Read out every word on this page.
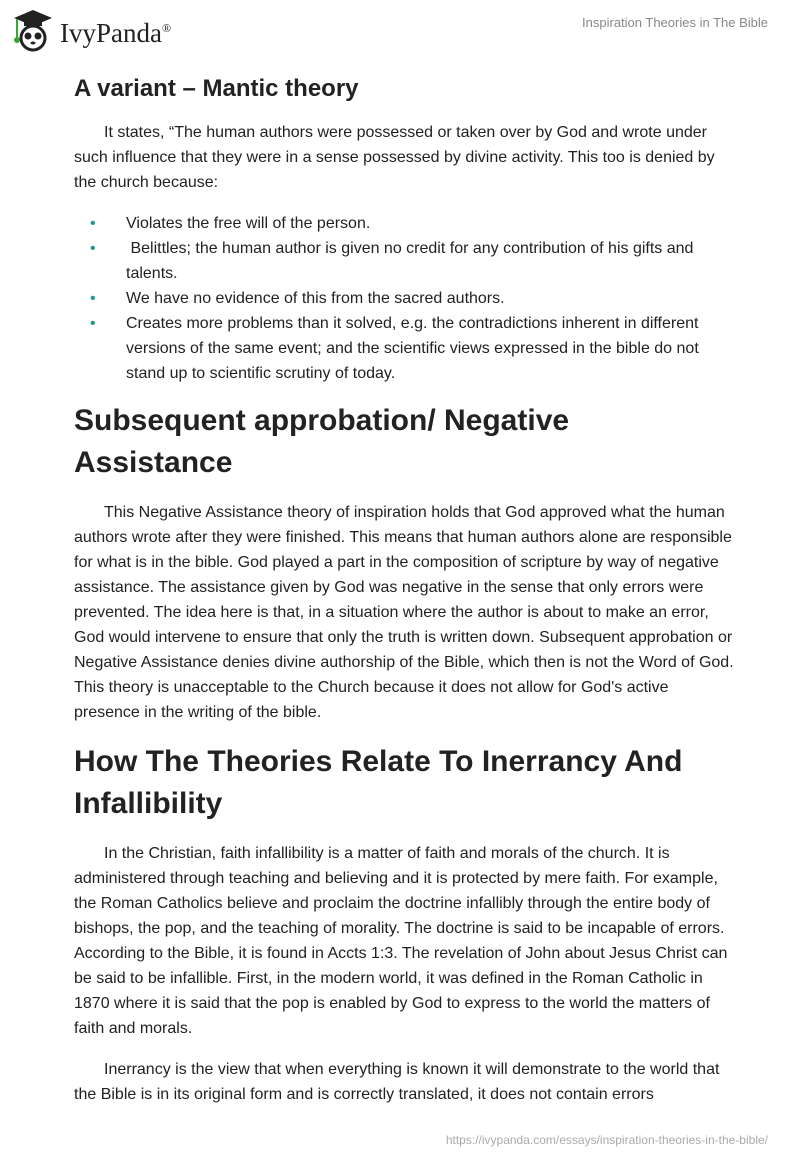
IvyPanda®	Inspiration Theories in The Bible
A variant – Mantic theory

It states, “The human authors were possessed or taken over by God and wrote under such influence that they were in a sense possessed by divine activity. This too is denied by the church because:

• Violates the free will of the person.
• Belittles; the human author is given no credit for any contribution of his gifts and talents.
• We have no evidence of this from the sacred authors.
• Creates more problems than it solved, e.g. the contradictions inherent in different versions of the same event; and the scientific views expressed in the bible do not stand up to scientific scrutiny of today.
Subsequent approbation/ Negative Assistance

This Negative Assistance theory of inspiration holds that God approved what the human authors wrote after they were finished. This means that human authors alone are responsible for what is in the bible. God played a part in the composition of scripture by way of negative assistance. The assistance given by God was negative in the sense that only errors were prevented. The idea here is that, in a situation where the author is about to make an error, God would intervene to ensure that only the truth is written down. Subsequent approbation or Negative Assistance denies divine authorship of the Bible, which then is not the Word of God. This theory is unacceptable to the Church because it does not allow for God's active presence in the writing of the bible.

How The Theories Relate To Inerrancy And Infallibility

In the Christian, faith infallibility is a matter of faith and morals of the church. It is administered through teaching and believing and it is protected by mere faith. For example, the Roman Catholics believe and proclaim the doctrine infallibly through the entire body of bishops, the pop, and the teaching of morality. The doctrine is said to be incapable of errors. According to the Bible, it is found in Accts 1:3. The revelation of John about Jesus Christ can be said to be infallible. First, in the modern world, it was defined in the Roman Catholic in 1870 where it is said that the pop is enabled by God to express to the world the matters of faith and morals.

Inerrancy is the view that when everything is known it will demonstrate to the world that the Bible is in its original form and is correctly translated, it does not contain errors

https://ivypanda.com/essays/inspiration-theories-in-the-bible/
